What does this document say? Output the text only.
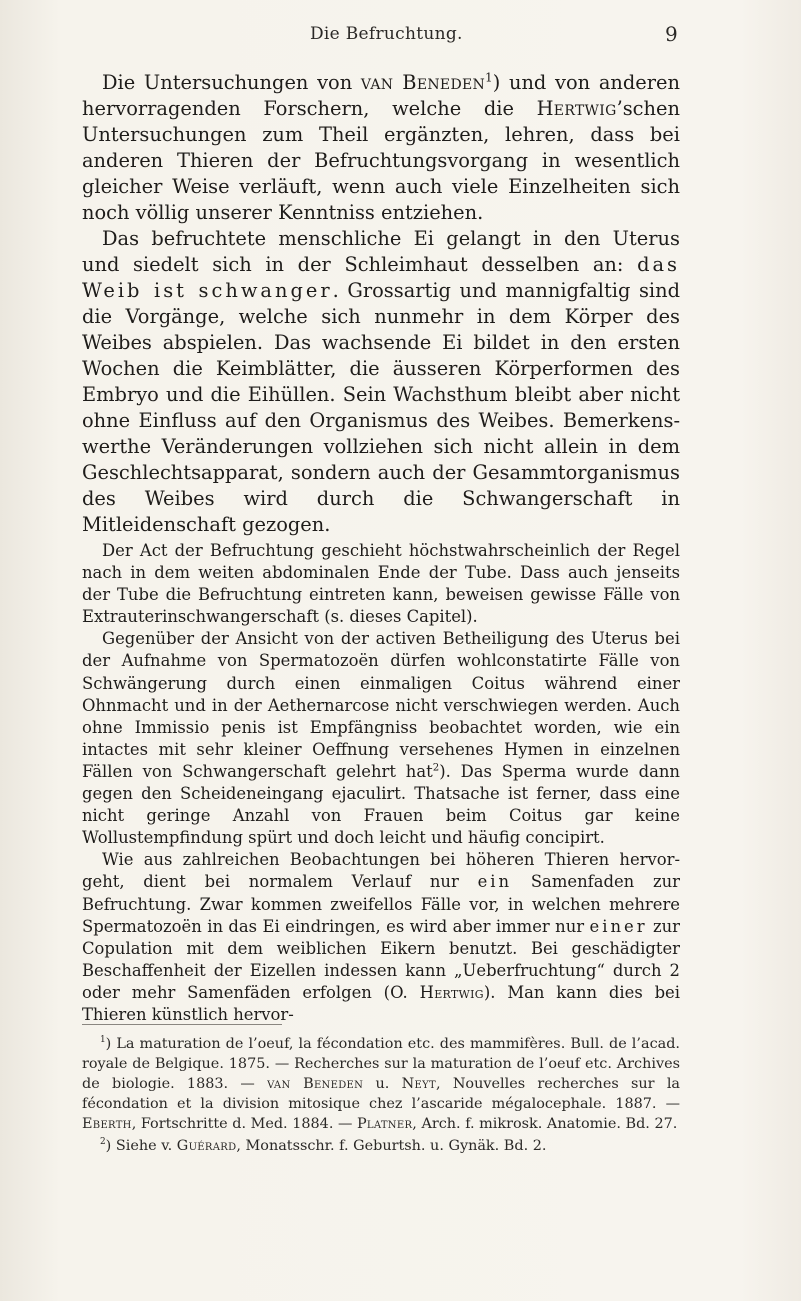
Die Befruchtung.	9

Die Untersuchungen von van Beneden$^1$) und von anderen hervorragenden Forschern, welche die Hertwig’schen Untersuchungen zum Theil ergänzten, lehren, dass bei anderen Thieren der Befruchtungsvorgang in wesentlich gleicher Weise verläuft, wenn auch viele Einzelheiten sich noch völlig unserer Kenntniss entziehen.

Das befruchtete menschliche Ei gelangt in den Uterus und siedelt sich in der Schleimhaut desselben an: das Weib ist schwanger. Grossartig und mannigfaltig sind die Vorgänge, welche sich nunmehr in dem Körper des Weibes abspielen. Das wachsende Ei bildet in den ersten Wochen die Keimblätter, die äusseren Körperformen des Embryo und die Eihüllen. Sein Wachsthum bleibt aber nicht ohne Einfluss auf den Organismus des Weibes. Bemerkenswerthe Veränderungen vollziehen sich nicht allein in dem Geschlechtsapparat, sondern auch der Gesammtorganismus des Weibes wird durch die Schwangerschaft in Mitleidenschaft gezogen.

Der Act der Befruchtung geschieht höchstwahrscheinlich der Regel nach in dem weiten abdominalen Ende der Tube. Dass auch jenseits der Tube die Befruchtung eintreten kann, beweisen gewisse Fälle von Extrauterinschwangerschaft (s. dieses Capitel).

Gegenüber der Ansicht von der activen Betheiligung des Uterus bei der Aufnahme von Spermatozoën dürfen wohlconstatirte Fälle von Schwängerung durch einen einmaligen Coitus während einer Ohnmacht und in der Aethernarcose nicht verschwiegen werden. Auch ohne Immissio penis ist Empfängniss beobachtet worden, wie ein intactes mit sehr kleiner Oeffnung versehenes Hymen in einzelnen Fällen von Schwangerschaft gelehrt hat$^2$). Das Sperma wurde dann gegen den Scheideneingang ejaculirt. Thatsache ist ferner, dass eine nicht geringe Anzahl von Frauen beim Coitus gar keine Wollustempfindung spürt und doch leicht und häufig concipirt.

Wie aus zahlreichen Beobachtungen bei höheren Thieren hervorgeht, dient bei normalem Verlauf nur ein Samenfaden zur Befruchtung. Zwar kommen zweifellos Fälle vor, in welchen mehrere Spermatozoën in das Ei eindringen, es wird aber immer nur einer zur Copulation mit dem weiblichen Eikern benutzt. Bei geschädigter Beschaffenheit der Eizellen indessen kann „Ueberfruchtung“ durch 2 oder mehr Samenfäden erfolgen (O. Hertwig). Man kann dies bei Thieren künstlich hervor-

$^1$) La maturation de l’oeuf, la fécondation etc. des mammifères. Bull. de l’acad. royale de Belgique. 1875. — Recherches sur la maturation de l’oeuf etc. Archives de biologie. 1883. — van Beneden u. Neyt, Nouvelles recherches sur la fécondation et la division mitosique chez l’ascaride mégalocephale. 1887. — Eberth, Fortschritte d. Med. 1884. — Platner, Arch. f. mikrosk. Anatomie. Bd. 27.

$^2$) Siehe v. Guérard, Monatsschr. f. Geburtsh. u. Gynäk. Bd. 2.
